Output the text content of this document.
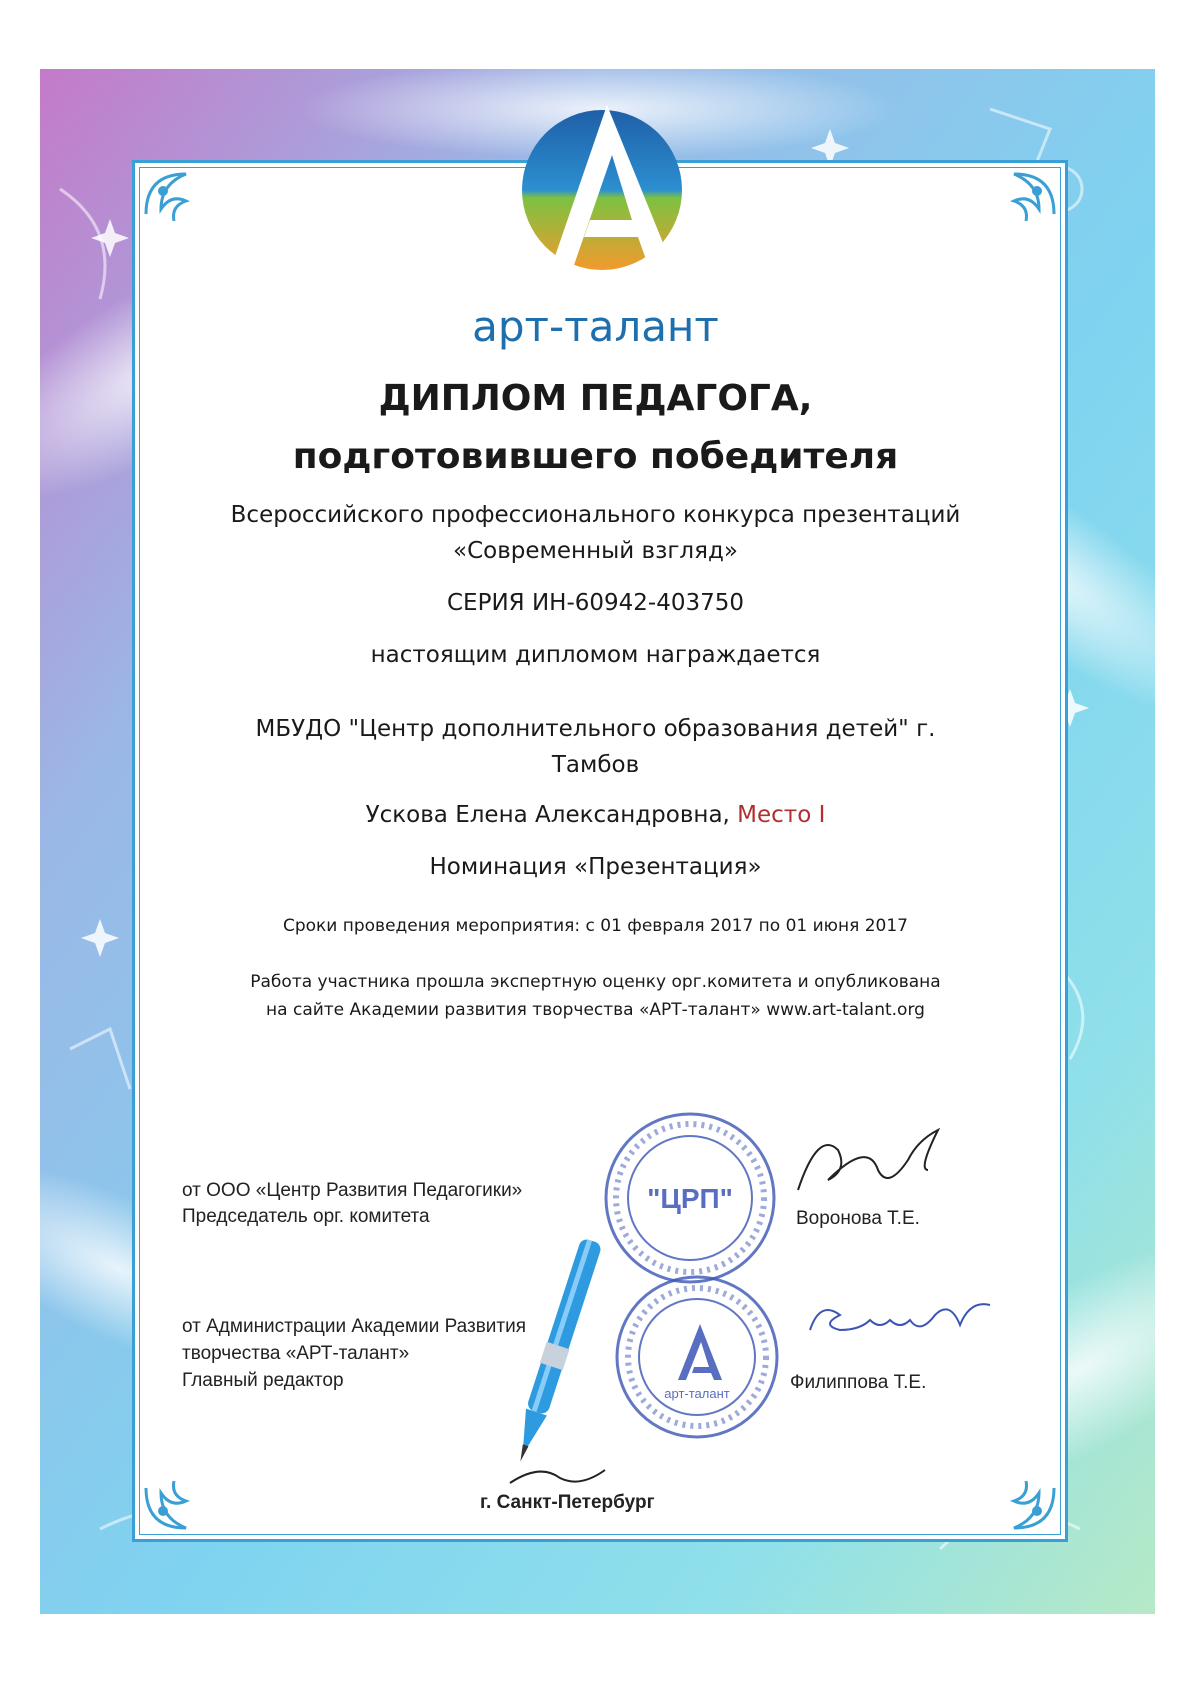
арт-талант
ДИПЛОМ ПЕДАГОГА,
подготовившего победителя
Всероссийского профессионального конкурса презентаций
«Современный взгляд»
СЕРИЯ ИН-60942-403750
настоящим дипломом награждается
МБУДО "Центр дополнительного образования детей" г.
Тамбов
Ускова Елена Александровна, Место I
Номинация «Презентация»
Сроки проведения мероприятия: с 01 февраля 2017 по 01 июня 2017
Работа участника прошла экспертную оценку орг.комитета и опубликована
на сайте Академии развития творчества «АРТ-талант» www.art-talant.org
"ЦРП"
арт-талант
от ООО «Центр Развития Педагогики»
Председатель орг. комитета	Воронова Т.Е.
от Администрации Академии Развития
творчества «АРТ-талант»
Главный редактор	Филиппова Т.Е.
г. Санкт-Петербург
